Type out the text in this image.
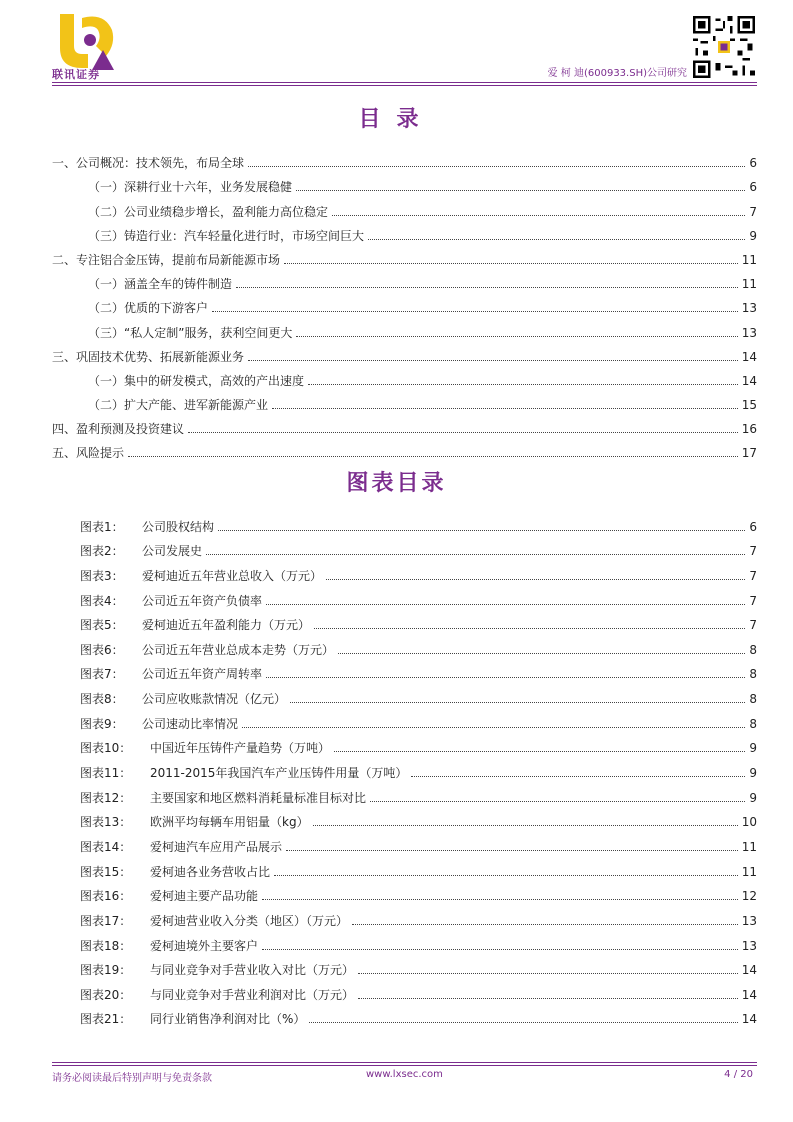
联讯证券	爱 柯 迪(600933.SH)公司研究
目录
一、公司概况：技术领先，布局全球	6
（一）深耕行业十六年，业务发展稳健	6
（二）公司业绩稳步增长，盈利能力高位稳定	7
（三）铸造行业：汽车轻量化进行时，市场空间巨大	9
二、专注铝合金压铸，提前布局新能源市场	11
（一）涵盖全车的铸件制造	11
（二）优质的下游客户	13
（三）“私人定制”服务，获利空间更大	13
三、巩固技术优势、拓展新能源业务	14
（一）集中的研发模式，高效的产出速度	14
（二）扩大产能、进军新能源产业	15
四、盈利预测及投资建议	16
五、风险提示	17
图表目录
图表1： 公司股权结构	6
图表2： 公司发展史	7
图表3： 爱柯迪近五年营业总收入（万元）	7
图表4： 公司近五年资产负债率	7
图表5： 爱柯迪近五年盈利能力（万元）	7
图表6： 公司近五年营业总成本走势（万元）	8
图表7： 公司近五年资产周转率	8
图表8： 公司应收账款情况（亿元）	8
图表9： 公司速动比率情况	8
图表10： 中国近年压铸件产量趋势（万吨）	9
图表11： 2011-2015年我国汽车产业压铸件用量（万吨）	9
图表12： 主要国家和地区燃料消耗量标准目标对比	9
图表13： 欧洲平均每辆车用铝量（kg）	10
图表14： 爱柯迪汽车应用产品展示	11
图表15： 爱柯迪各业务营收占比	11
图表16： 爱柯迪主要产品功能	12
图表17： 爱柯迪营业收入分类（地区）（万元）	13
图表18： 爱柯迪境外主要客户	13
图表19： 与同业竞争对手营业收入对比（万元）	14
图表20： 与同业竞争对手营业利润对比（万元）	14
图表21： 同行业销售净利润对比（%）	14
请务必阅读最后特别声明与免责条款	www.lxsec.com	4 / 20
